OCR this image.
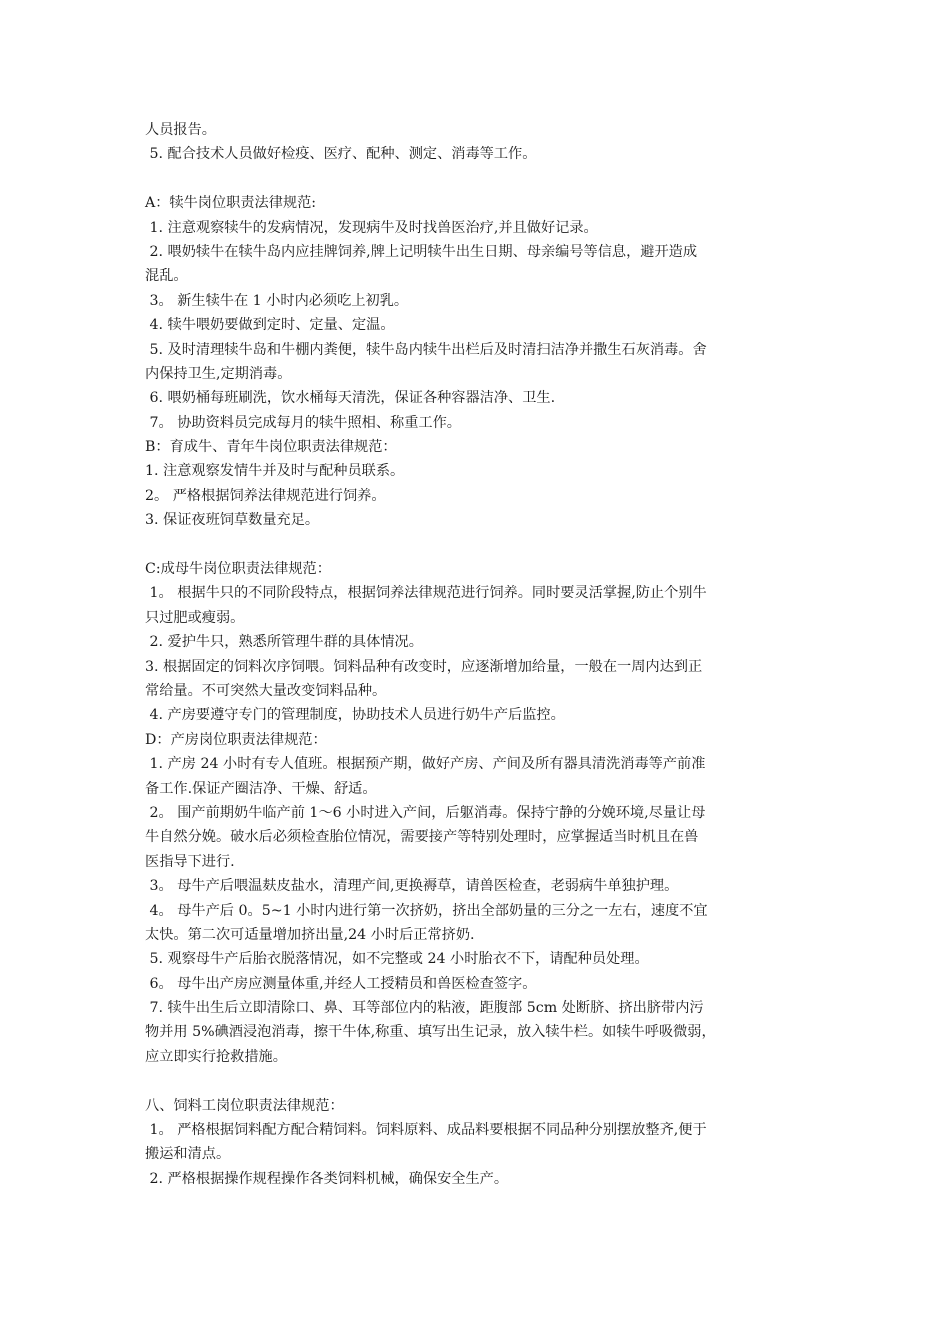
人员报告。

5. 配合技术人员做好检疫、医疗、配种、测定、消毒等工作。

A：犊牛岗位职责法律规范:

1. 注意观察犊牛的发病情况，发现病牛及时找兽医治疗,并且做好记录。

2. 喂奶犊牛在犊牛岛内应挂牌饲养,牌上记明犊牛出生日期、母亲编号等信息，避开造成

混乱。

3。 新生犊牛在 1 小时内必须吃上初乳。

4. 犊牛喂奶要做到定时、定量、定温。

5. 及时清理犊牛岛和牛棚内粪便，犊牛岛内犊牛出栏后及时清扫洁净并撒生石灰消毒。舍

内保持卫生,定期消毒。

6. 喂奶桶每班刷洗，饮水桶每天清洗，保证各种容器洁净、卫生.

7。 协助资料员完成每月的犊牛照相、称重工作。

B：育成牛、青年牛岗位职责法律规范：

1. 注意观察发情牛并及时与配种员联系。

2。 严格根据饲养法律规范进行饲养。

3. 保证夜班饲草数量充足。

C:成母牛岗位职责法律规范：

1。 根据牛只的不同阶段特点，根据饲养法律规范进行饲养。同时要灵活掌握,防止个别牛

只过肥或瘦弱。

2. 爱护牛只，熟悉所管理牛群的具体情况。

3. 根据固定的饲料次序饲喂。饲料品种有改变时，应逐渐增加给量，一般在一周内达到正

常给量。不可突然大量改变饲料品种。

4. 产房要遵守专门的管理制度，协助技术人员进行奶牛产后监控。

D：产房岗位职责法律规范：

1. 产房 24 小时有专人值班。根据预产期，做好产房、产间及所有器具清洗消毒等产前准

备工作.保证产圈洁净、干燥、舒适。

2。 围产前期奶牛临产前 1～6 小时进入产间，后躯消毒。保持宁静的分娩环境,尽量让母

牛自然分娩。破水后必须检查胎位情况，需要接产等特别处理时，应掌握适当时机且在兽

医指导下进行.

3。 母牛产后喂温麸皮盐水，清理产间,更换褥草，请兽医检查，老弱病牛单独护理。

4。 母牛产后 0。5~1 小时内进行第一次挤奶，挤出全部奶量的三分之一左右，速度不宜

太快。第二次可适量增加挤出量,24 小时后正常挤奶.

5. 观察母牛产后胎衣脱落情况，如不完整或 24 小时胎衣不下，请配种员处理。

6。 母牛出产房应测量体重,并经人工授精员和兽医检查签字。

7. 犊牛出生后立即清除口、鼻、耳等部位内的粘液，距腹部 5cm 处断脐、挤出脐带内污

物并用 5%碘酒浸泡消毒，擦干牛体,称重、填写出生记录，放入犊牛栏。如犊牛呼吸微弱，

应立即实行抢救措施。

八、饲料工岗位职责法律规范：

1。 严格根据饲料配方配合精饲料。饲料原料、成品料要根据不同品种分别摆放整齐,便于

搬运和清点。

2. 严格根据操作规程操作各类饲料机械，确保安全生产。
